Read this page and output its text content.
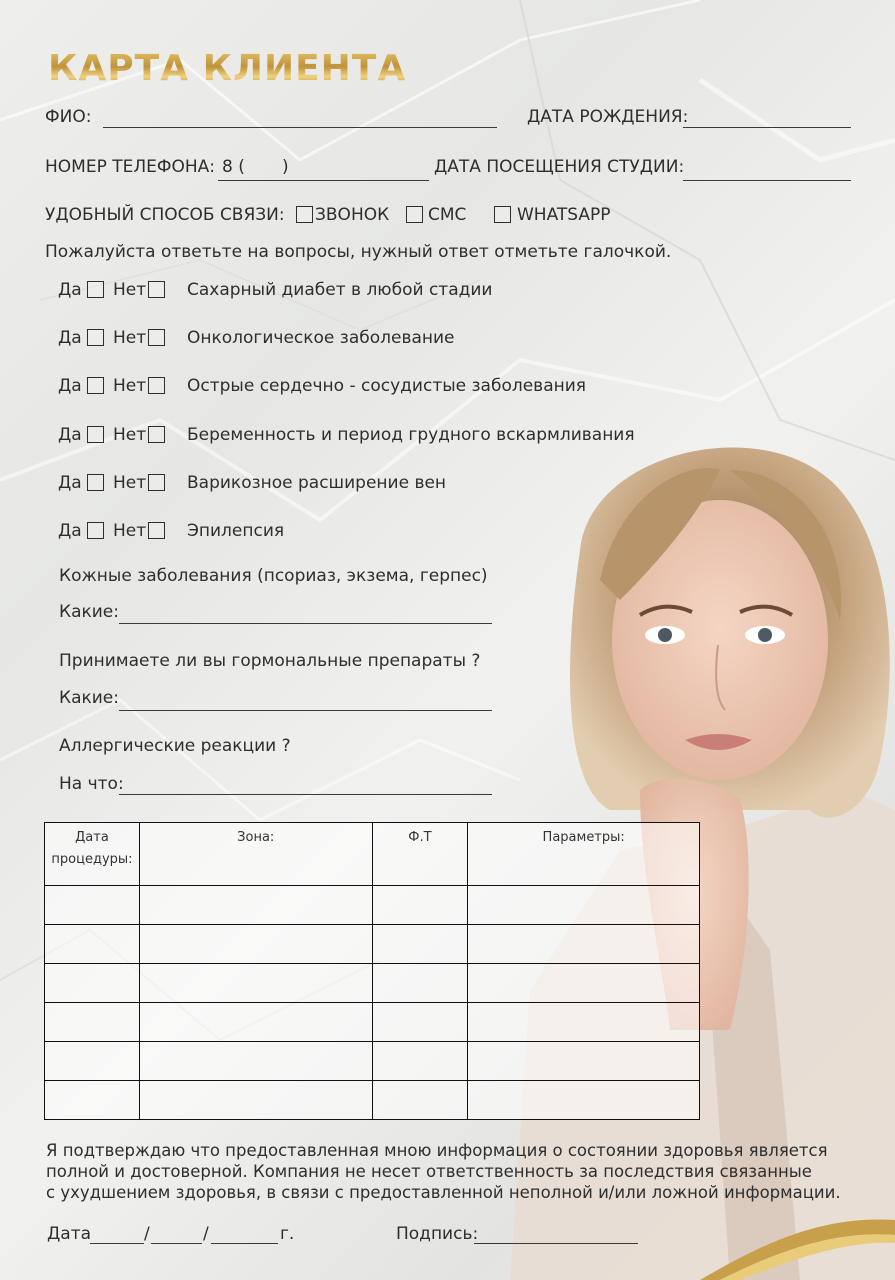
КАРТА КЛИЕНТА
ФИО:	ДАТА РОЖДЕНИЯ:
НОМЕР ТЕЛЕФОНА: 8 ( )	ДАТА ПОСЕЩЕНИЯ СТУДИИ:
УДОБНЫЙ СПОСОБ СВЯЗИ: ЗВОНОК СМС	WHATSAPP
Пожалуйста ответьте на вопросы, нужный ответ отметьте галочкой.
Да Нет Сахарный диабет в любой стадии
Да Нет Онкологическое заболевание
Да Нет Острые сердечно - сосудистые заболевания
Да Нет Беременность и период грудного вскармливания
Да Нет Варикозное расширение вен
Да Нет Эпилепсия
Кожные заболевания (псориаз, экзема, герпес)
Какие:
Принимаете ли вы гормональные препараты ?
Какие:
Аллергические реакции ?
На что:
Дата процедуры:	Зона:	Ф.Т	Параметры:

Я подтверждаю что предоставленная мною информация о состоянии здоровья является
полной и достоверной. Компания не несет ответственность за последствия связанные
с ухудшением здоровья, в связи с предоставленной неполной и/или ложной информации.
Дата	/	/	г.	Подпись:
